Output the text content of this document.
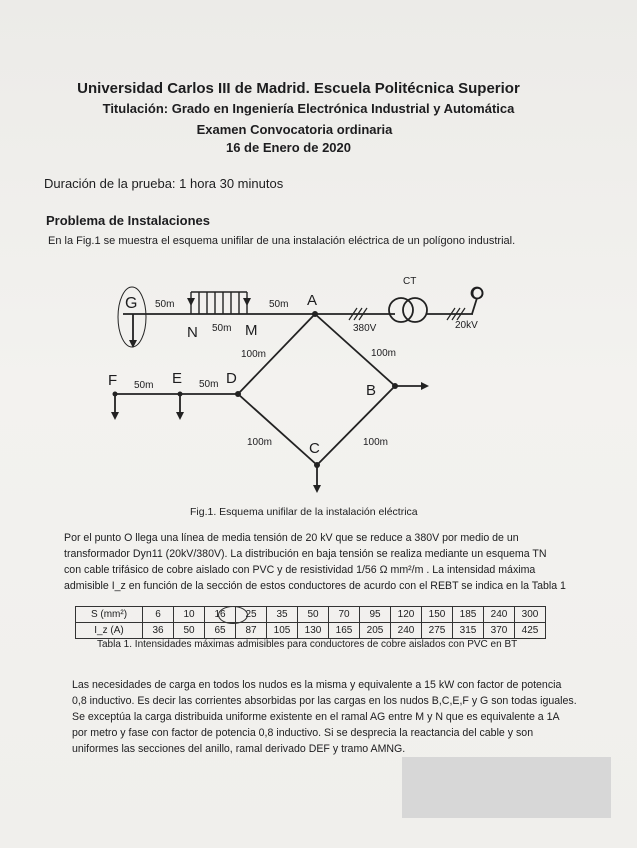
Universidad Carlos III de Madrid. Escuela Politécnica Superior
Titulación: Grado en Ingeniería Electrónica Industrial y Automática
Examen Convocatoria ordinaria
16 de Enero de 2020
Duración de la prueba: 1 hora 30 minutos
Problema de Instalaciones
En la Fig.1 se muestra el esquema unifilar de una instalación eléctrica de un polígono industrial.
G	A	O
N	M
F	E	D
B
C
CT
380V	20kV
50m	50m
50m
100m	100m
50m	50m
100m	100m
Fig.1. Esquema unifilar de la instalación eléctrica
Por el punto O llega una línea de media tensión de 20 kV que se reduce a 380V por medio de un
transformador Dyn11 (20kV/380V). La distribución en baja tensión se realiza mediante un esquema TN
con cable trifásico de cobre aislado con PVC y de resistividad 1/56 Ω mm²/m . La intensidad máxima
admisible I_z en función de la sección de estos conductores de acurdo con el REBT se indica en la Tabla 1
S (mm²)	6	10	16	25	35	50	70	95	120	150	185	240	300
I_z (A)	36	50	65	87	105	130	165	205	240	275	315	370	425
Tabla 1. Intensidades máximas admisibles para conductores de cobre aislados con PVC en BT
Las necesidades de carga en todos los nudos es la misma y equivalente a 15 kW con factor de potencia
0,8 inductivo. Es decir las corrientes absorbidas por las cargas en los nudos B,C,E,F y G son todas iguales.
Se exceptúa la carga distribuida uniforme existente en el ramal AG entre M y N que es equivalente a 1A
por metro y fase con factor de potencia 0,8 inductivo. Si se desprecia la reactancia del cable y son
uniformes las secciones del anillo, ramal derivado DEF y tramo AMNG.
